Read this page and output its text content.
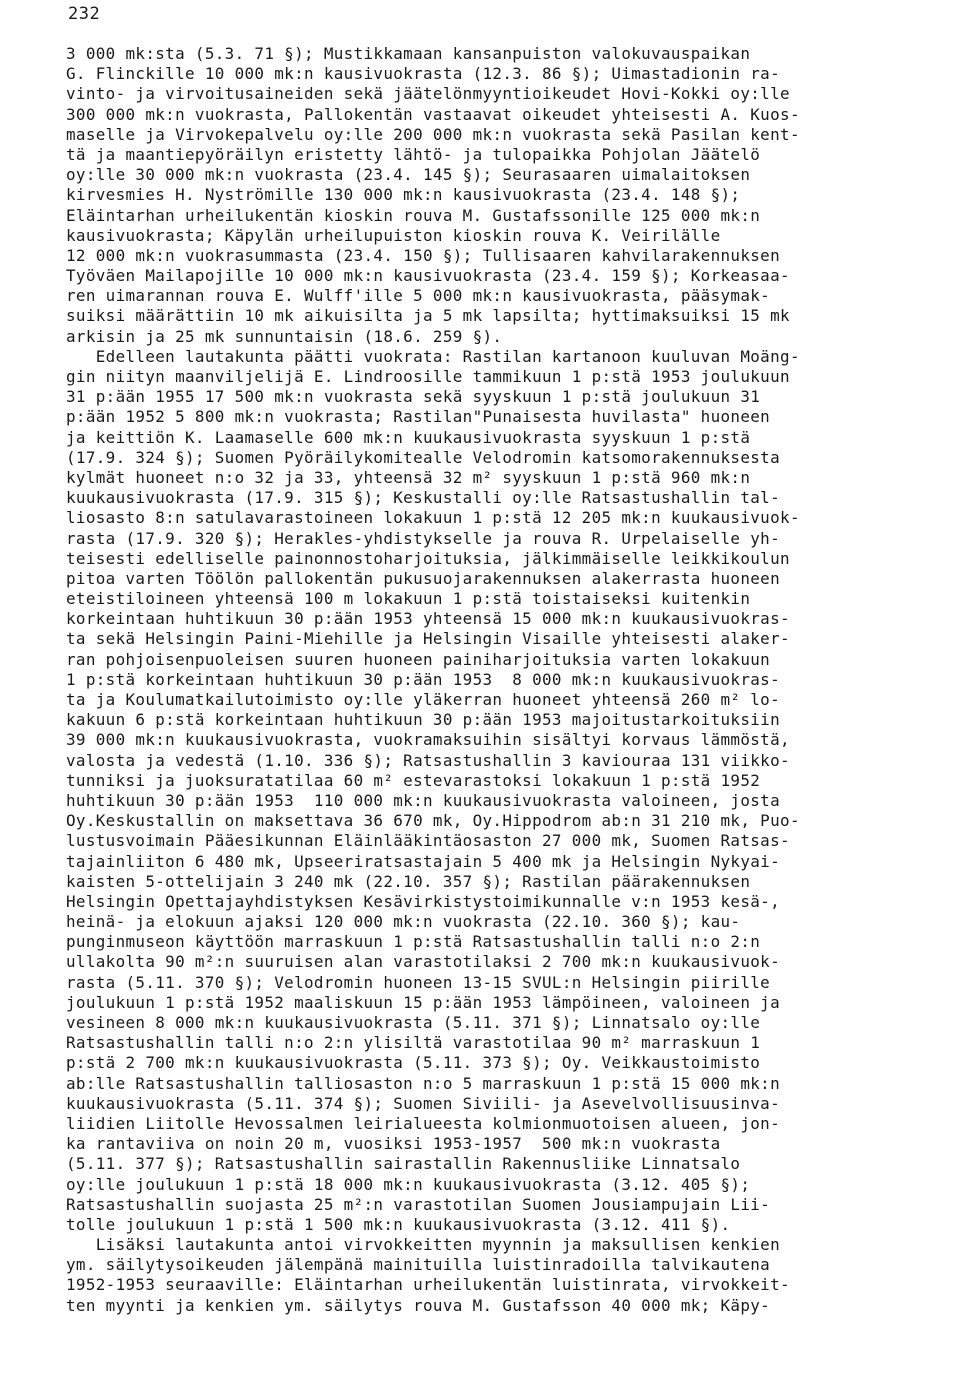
232
3 000 mk:sta (5.3. 71 §); Mustikkamaan kansanpuiston valokuvauspaikan
G. Flinckille 10 000 mk:n kausivuokrasta (12.3. 86 §); Uimastadionin ra-
vinto- ja virvoitusaineiden sekä jäätelönmyyntioikeudet Hovi-Kokki oy:lle
300 000 mk:n vuokrasta, Pallokentän vastaavat oikeudet yhteisesti A. Kuos-
maselle ja Virvokepalvelu oy:lle 200 000 mk:n vuokrasta sekä Pasilan kent-
tä ja maantiepyöräilyn eristetty lähtö- ja tulopaikka Pohjolan Jäätelö
oy:lle 30 000 mk:n vuokrasta (23.4. 145 §); Seurasaaren uimalaitoksen
kirvesmies H. Nyströmille 130 000 mk:n kausivuokrasta (23.4. 148 §);
Eläintarhan urheilukentän kioskin rouva M. Gustafssonille 125 000 mk:n
kausivuokrasta; Käpylän urheilupuiston kioskin rouva K. Veirilälle
12 000 mk:n vuokrasummasta (23.4. 150 §); Tullisaaren kahvilarakennuksen
Työväen Mailapojille 10 000 mk:n kausivuokrasta (23.4. 159 §); Korkeasaa-
ren uimarannan rouva E. Wulff'ille 5 000 mk:n kausivuokrasta, pääsymak-
suiksi määrättiin 10 mk aikuisilta ja 5 mk lapsilta; hyttimaksuiksi 15 mk
arkisin ja 25 mk sunnuntaisin (18.6. 259 §).
Edelleen lautakunta päätti vuokrata: Rastilan kartanoon kuuluvan Moäng-
gin niityn maanviljelijä E. Lindroosille tammikuun 1 p:stä 1953 joulukuun
31 p:ään 1955 17 500 mk:n vuokrasta sekä syyskuun 1 p:stä joulukuun 31
p:ään 1952 5 800 mk:n vuokrasta; Rastilan"Punaisesta huvilasta" huoneen
ja keittiön K. Laamaselle 600 mk:n kuukausivuokrasta syyskuun 1 p:stä
(17.9. 324 §); Suomen Pyöräilykomitealle Velodromin katsomorakennuksesta
kylmät huoneet n:o 32 ja 33, yhteensä 32 m² syyskuun 1 p:stä 960 mk:n
kuukausivuokrasta (17.9. 315 §); Keskustalli oy:lle Ratsastushallin tal-
liosasto 8:n satulavarastoineen lokakuun 1 p:stä 12 205 mk:n kuukausivuok-
rasta (17.9. 320 §); Herakles-yhdistykselle ja rouva R. Urpelaiselle yh-
teisesti edelliselle painonnostoharjoituksia, jälkimmäiselle leikkikoulun
pitoa varten Töölön pallokentän pukusuojarakennuksen alakerrasta huoneen
eteistiloineen yhteensä 100 m lokakuun 1 p:stä toistaiseksi kuitenkin
korkeintaan huhtikuun 30 p:ään 1953 yhteensä 15 000 mk:n kuukausivuokras-
ta sekä Helsingin Paini-Miehille ja Helsingin Visaille yhteisesti alaker-
ran pohjoisenpuoleisen suuren huoneen painiharjoituksia varten lokakuun
1 p:stä korkeintaan huhtikuun 30 p:ään 1953  8 000 mk:n kuukausivuokras-
ta ja Koulumatkailutoimisto oy:lle yläkerran huoneet yhteensä 260 m² lo-
kakuun 6 p:stä korkeintaan huhtikuun 30 p:ään 1953 majoitustarkoituksiin
39 000 mk:n kuukausivuokrasta, vuokramaksuihin sisältyi korvaus lämmöstä,
valosta ja vedestä (1.10. 336 §); Ratsastushallin 3 kaviouraa 131 viikko-
tunniksi ja juoksuratatilaa 60 m² estevarastoksi lokakuun 1 p:stä 1952
huhtikuun 30 p:ään 1953  110 000 mk:n kuukausivuokrasta valoineen, josta
Oy.Keskustallin on maksettava 36 670 mk, Oy.Hippodrom ab:n 31 210 mk, Puo-
lustusvoimain Pääesikunnan Eläinlääkintäosaston 27 000 mk, Suomen Ratsas-
tajainliiton 6 480 mk, Upseeriratsastajain 5 400 mk ja Helsingin Nykyai-
kaisten 5-ottelijain 3 240 mk (22.10. 357 §); Rastilan päärakennuksen
Helsingin Opettajayhdistyksen Kesävirkistystoimikunnalle v:n 1953 kesä-,
heinä- ja elokuun ajaksi 120 000 mk:n vuokrasta (22.10. 360 §); kau-
punginmuseon käyttöön marraskuun 1 p:stä Ratsastushallin talli n:o 2:n
ullakolta 90 m²:n suuruisen alan varastotilaksi 2 700 mk:n kuukausivuok-
rasta (5.11. 370 §); Velodromin huoneen 13-15 SVUL:n Helsingin piirille
joulukuun 1 p:stä 1952 maaliskuun 15 p:ään 1953 lämpöineen, valoineen ja
vesineen 8 000 mk:n kuukausivuokrasta (5.11. 371 §); Linnatsalo oy:lle
Ratsastushallin talli n:o 2:n ylisiltä varastotilaa 90 m² marraskuun 1
p:stä 2 700 mk:n kuukausivuokrasta (5.11. 373 §); Oy. Veikkaustoimisto
ab:lle Ratsastushallin talliosaston n:o 5 marraskuun 1 p:stä 15 000 mk:n
kuukausivuokrasta (5.11. 374 §); Suomen Siviili- ja Asevelvollisuusinva-
liidien Liitolle Hevossalmen leirialueesta kolmionmuotoisen alueen, jon-
ka rantaviiva on noin 20 m, vuosiksi 1953-1957  500 mk:n vuokrasta
(5.11. 377 §); Ratsastushallin sairastallin Rakennusliike Linnatsalo
oy:lle joulukuun 1 p:stä 18 000 mk:n kuukausivuokrasta (3.12. 405 §);
Ratsastushallin suojasta 25 m²:n varastotilan Suomen Jousiampujain Lii-
tolle joulukuun 1 p:stä 1 500 mk:n kuukausivuokrasta (3.12. 411 §).
Lisäksi lautakunta antoi virvokkeitten myynnin ja maksullisen kenkien
ym. säilytysoikeuden jälempänä mainituilla luistinradoilla talvikautena
1952-1953 seuraaville: Eläintarhan urheilukentän luistinrata, virvokkeit-
ten myynti ja kenkien ym. säilytys rouva M. Gustafsson 40 000 mk; Käpy-
